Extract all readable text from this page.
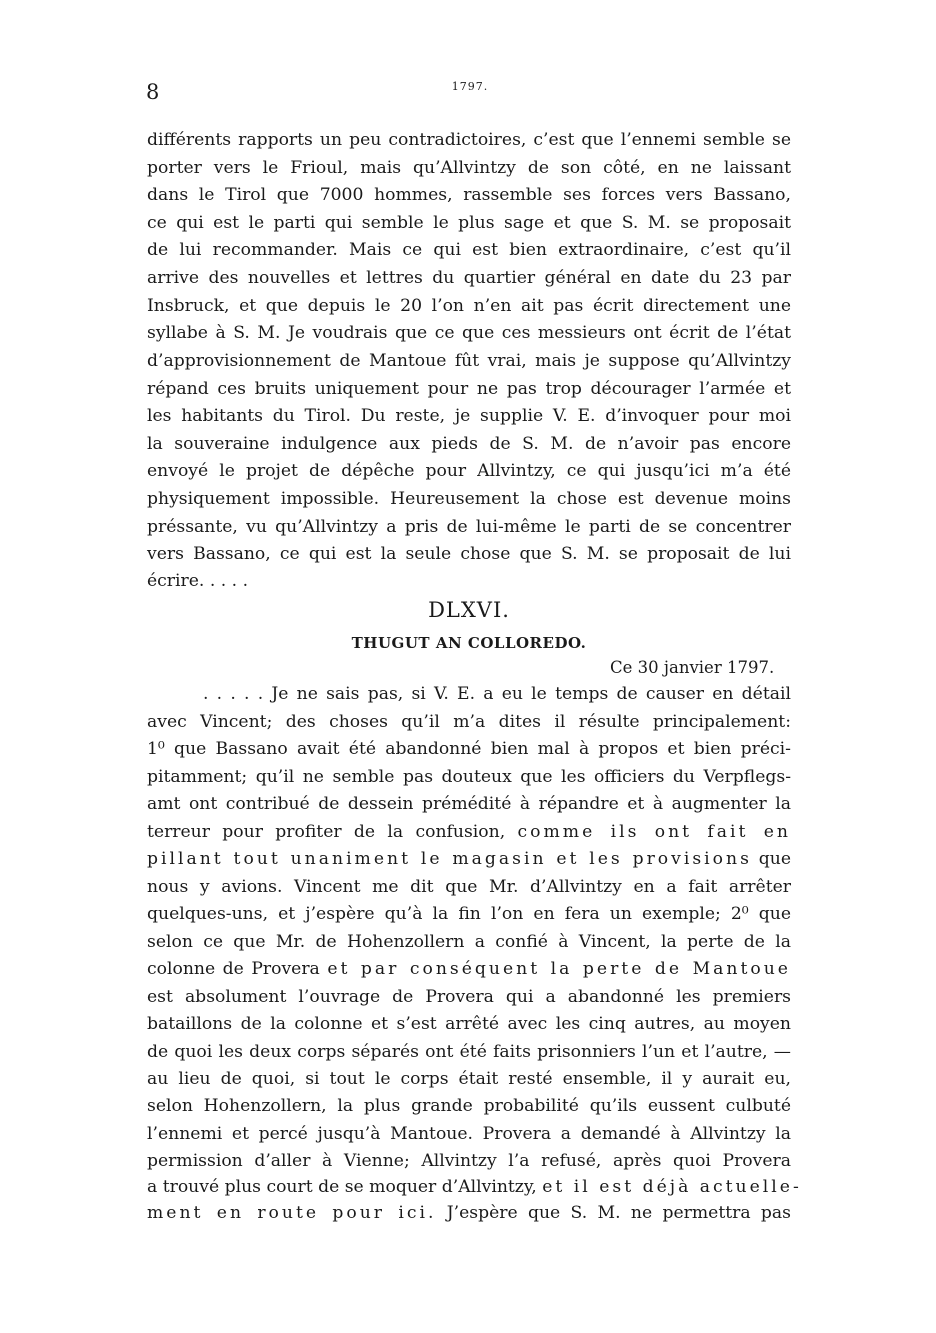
8	1797.
différents rapports un peu contradictoires, c’est que l’ennemi semble se
porter vers le Frioul, mais qu’Allvintzy de son côté, en ne laissant
dans le Tirol que 7000 hommes, rassemble ses forces vers Bassano,
ce qui est le parti qui semble le plus sage et que S. M. se proposait
de lui recommander. Mais ce qui est bien extraordinaire, c’est qu’il
arrive des nouvelles et lettres du quartier général en date du 23 par
Insbruck, et que depuis le 20 l’on n’en ait pas écrit directement une
syllabe à S. M. Je voudrais que ce que ces messieurs ont écrit de l’état
d’approvisionnement de Mantoue fût vrai, mais je suppose qu’Allvintzy
répand ces bruits uniquement pour ne pas trop décourager l’armée et
les habitants du Tirol. Du reste, je supplie V. E. d’invoquer pour moi
la souveraine indulgence aux pieds de S. M. de n’avoir pas encore
envoyé le projet de dépêche pour Allvintzy, ce qui jusqu’ici m’a été
physiquement impossible. Heureusement la chose est devenue moins
préssante, vu qu’Allvintzy a pris de lui-même le parti de se concentrer
vers Bassano, ce qui est la seule chose que S. M. se proposait de lui
écrire. . . . .
DLXVI.
THUGUT AN COLLOREDO.
Ce 30 janvier 1797.
. . . . . Je ne sais pas, si V. E. a eu le temps de causer en détail
avec Vincent; des choses qu’il m’a dites il résulte principalement:
1⁰ que Bassano avait été abandonné bien mal à propos et bien préci-
pitamment; qu’il ne semble pas douteux que les officiers du Verpflegs-
amt ont contribué de dessein prémédité à répandre et à augmenter la
terreur pour profiter de la confusion, comme ils ont fait en
pillant tout unaniment le magasin et les provisions que
nous y avions. Vincent me dit que Mr. d’Allvintzy en a fait arrêter
quelques-uns, et j’espère qu’à la fin l’on en fera un exemple; 2⁰ que
selon ce que Mr. de Hohenzollern a confié à Vincent, la perte de la
colonne de Provera et par conséquent la perte de Mantoue
est absolument l’ouvrage de Provera qui a abandonné les premiers
bataillons de la colonne et s’est arrêté avec les cinq autres, au moyen
de quoi les deux corps séparés ont été faits prisonniers l’un et l’autre, —
au lieu de quoi, si tout le corps était resté ensemble, il y aurait eu,
selon Hohenzollern, la plus grande probabilité qu’ils eussent culbuté
l’ennemi et percé jusqu’à Mantoue. Provera a demandé à Allvintzy la
permission d’aller à Vienne; Allvintzy l’a refusé, après quoi Provera
a trouvé plus court de se moquer d’Allvintzy, et il est déjà actuelle-
ment en route pour ici. J’espère que S. M. ne permettra pas
